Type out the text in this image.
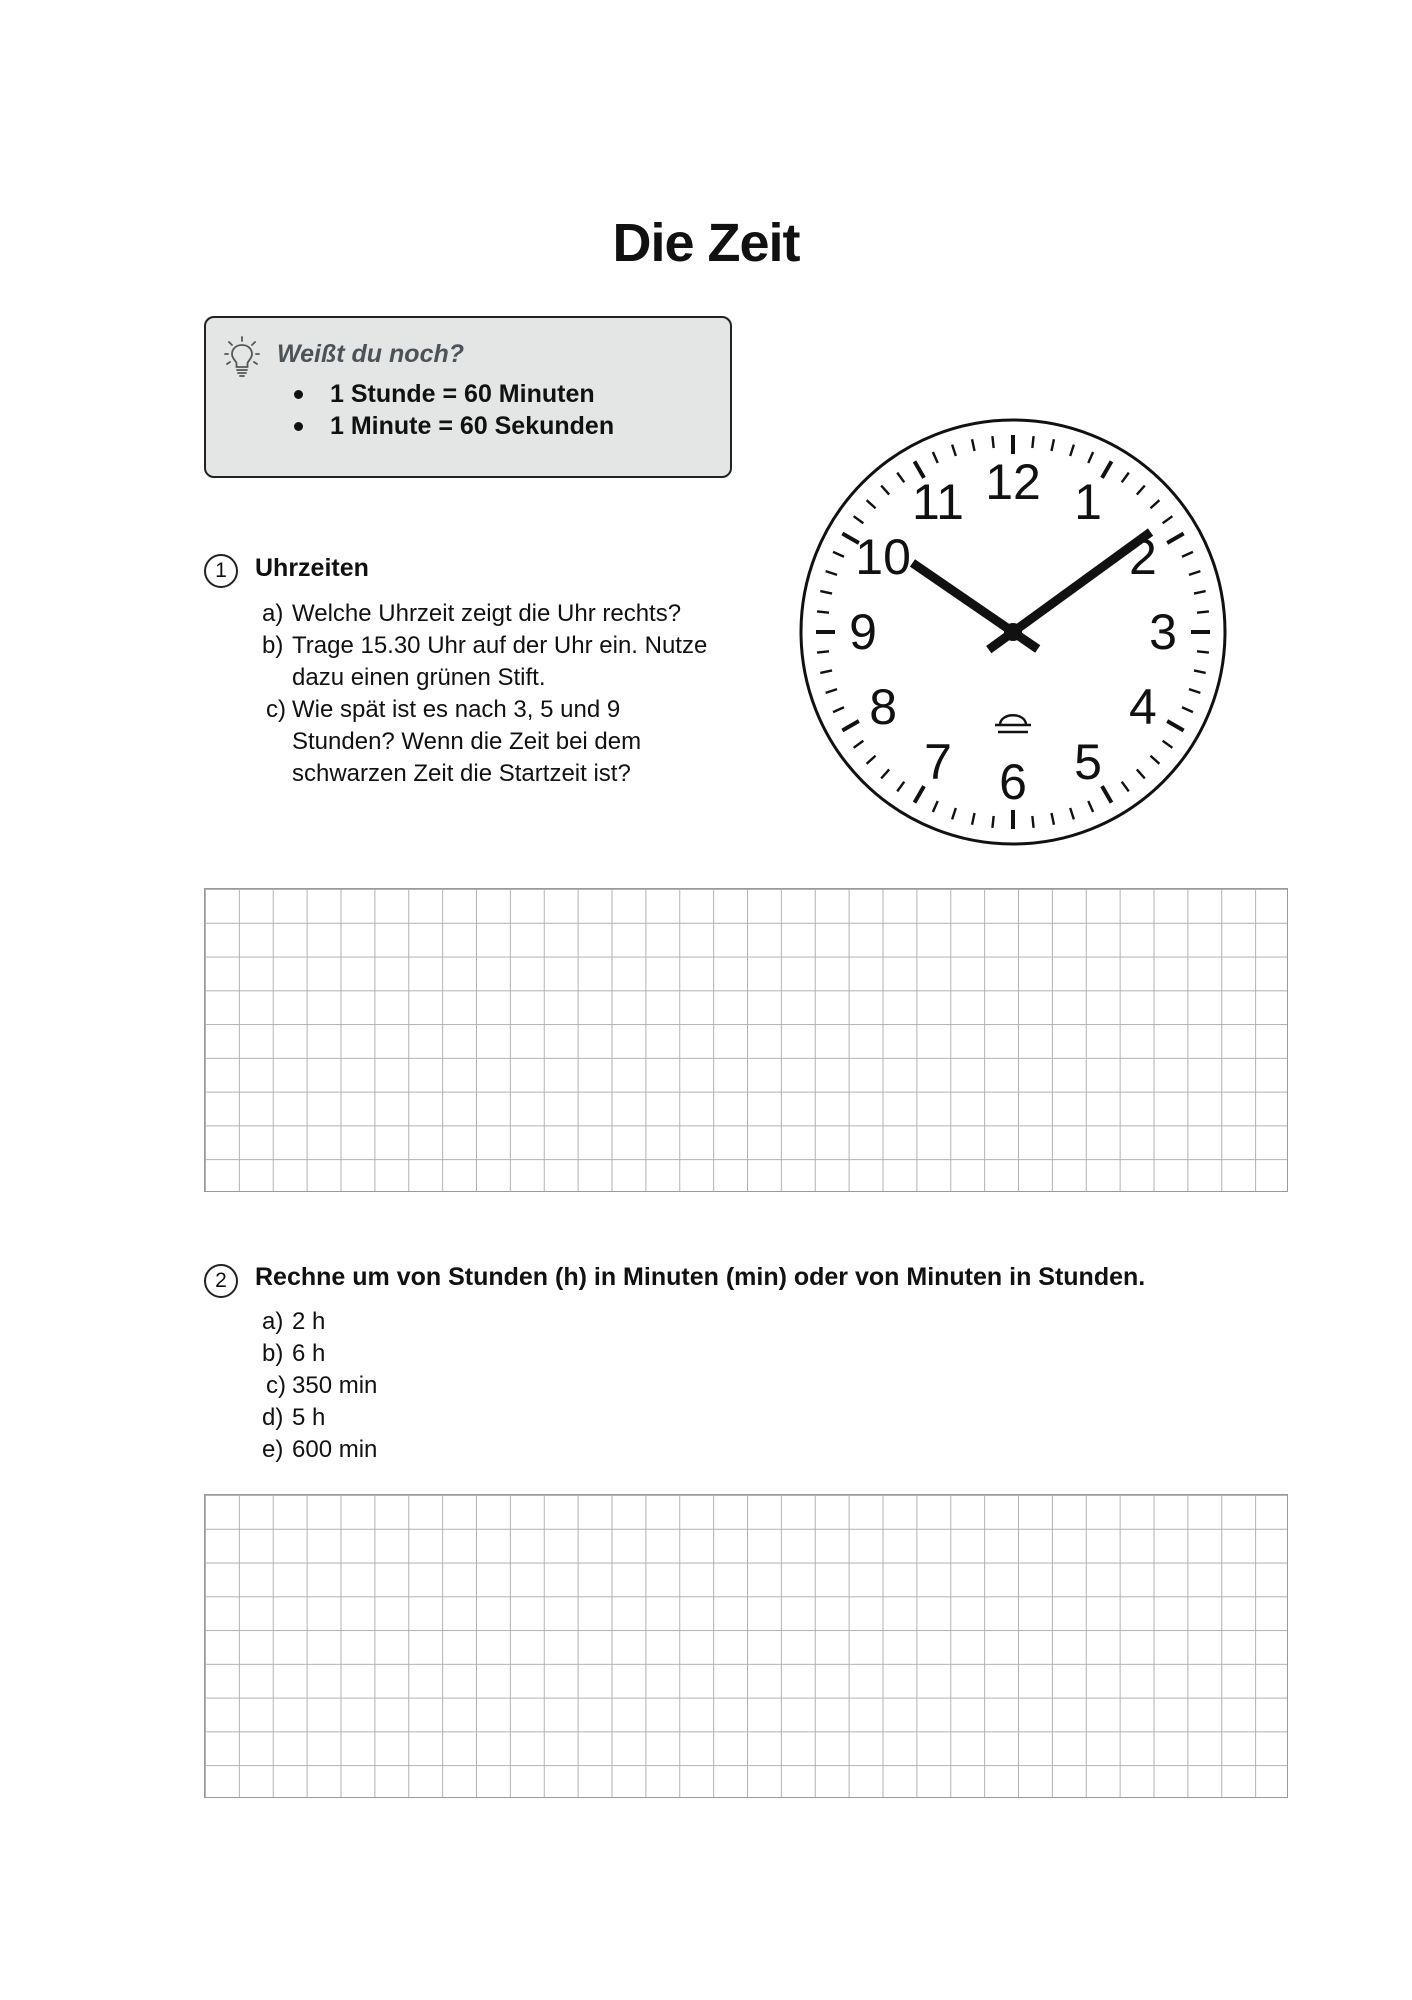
Die Zeit
Weißt du noch?
1 Stunde = 60 Minuten
1 Minute = 60 Sekunden
1	Uhrzeiten
a) Welche Uhrzeit zeigt die Uhr rechts?
b) Trage 15.30 Uhr auf der Uhr ein. Nutze dazu einen grünen Stift.
c) Wie spät ist es nach 3, 5 und 9 Stunden? Wenn die Zeit bei dem schwarzen Zeit die Startzeit ist?
12 1
2
3
4
5
6
7
8
9
10
11
2	Rechne um von Stunden (h) in Minuten (min) oder von Minuten in Stunden.
a) 2 h
b) 6 h
c) 350 min
d) 5 h
e) 600 min
